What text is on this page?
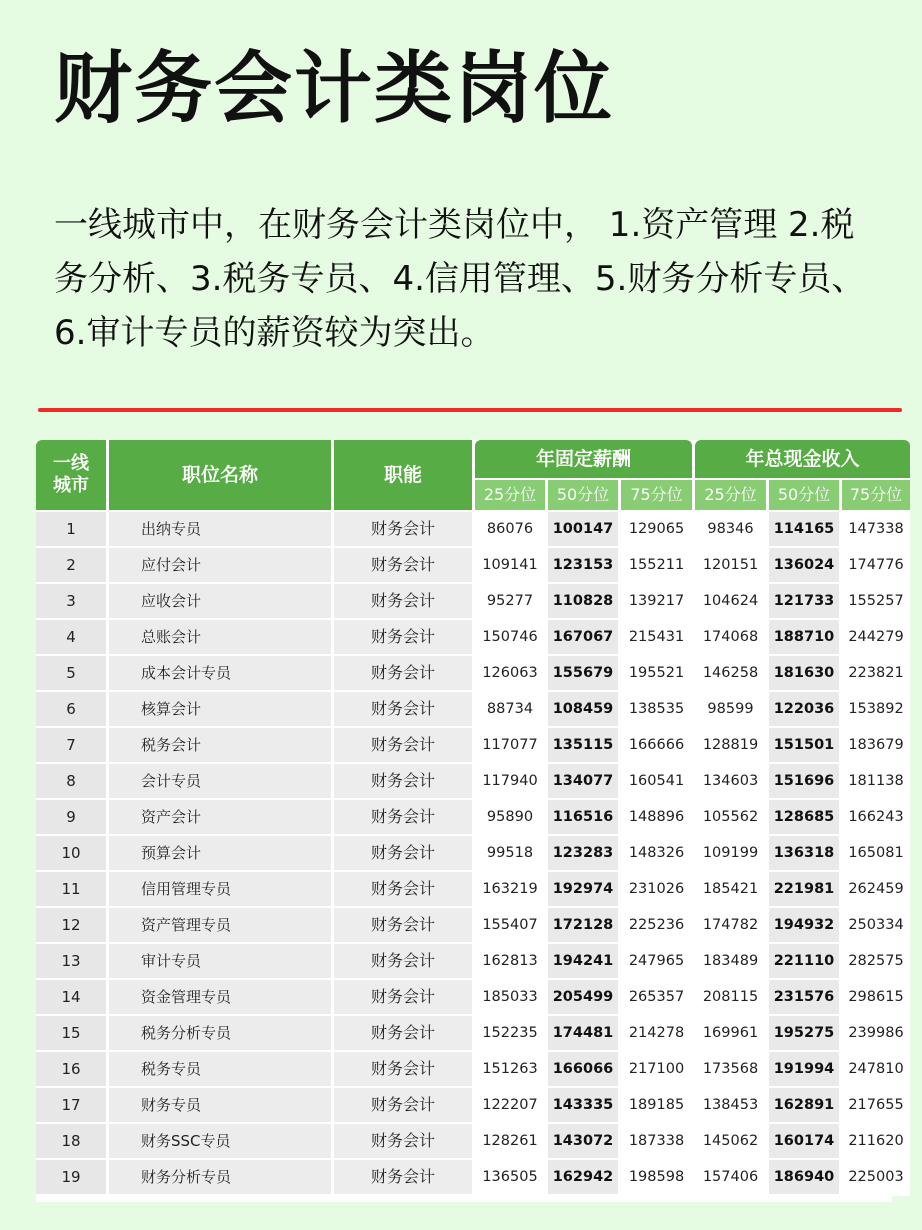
财务会计类岗位
一线城市中，在财务会计类岗位中， 1.资产管理 2.税务分析、3.税务专员、4.信用管理、5.财务分析专员、 6.审计专员的薪资较为突出。
一线
城市	职位名称	职能
年固定薪酬	年总现金收入
25分位	50分位	75分位	25分位	50分位	75分位
1	出纳专员	财务会计	86076	100147	129065	98346	114165 147338
2	应付会计	财务会计	109141	123153	155211	120151	136024 174776
3	应收会计	财务会计	95277	110828	139217	104624	121733 155257
4	总账会计	财务会计	150746	167067	215431	174068	188710 244279
5	成本会计专员	财务会计	126063	155679	195521	146258	181630 223821
6	核算会计	财务会计	88734	108459	138535	98599	122036 153892
7	税务会计	财务会计	117077	135115	166666	128819	151501 183679
8	会计专员	财务会计	117940	134077	160541	134603	151696 181138
9	资产会计	财务会计	95890	116516	148896	105562	128685 166243
10	预算会计	财务会计	99518	123283	148326	109199	136318 165081
11	信用管理专员	财务会计	163219	192974	231026	185421	221981 262459
12	资产管理专员	财务会计	155407	172128	225236	174782	194932 250334
13	审计专员	财务会计	162813	194241	247965	183489	221110 282575
14	资金管理专员	财务会计	185033	205499	265357	208115	231576 298615
15	税务分析专员	财务会计	152235	174481	214278	169961	195275 239986
16	税务专员	财务会计	151263	166066	217100	173568	191994 247810
17	财务专员	财务会计	122207	143335	189185	138453	162891 217655
18	财务SSC专员	财务会计	128261	143072	187338	145062	160174 211620
19	财务分析专员	财务会计	136505	162942	198598	157406	186940 225003
